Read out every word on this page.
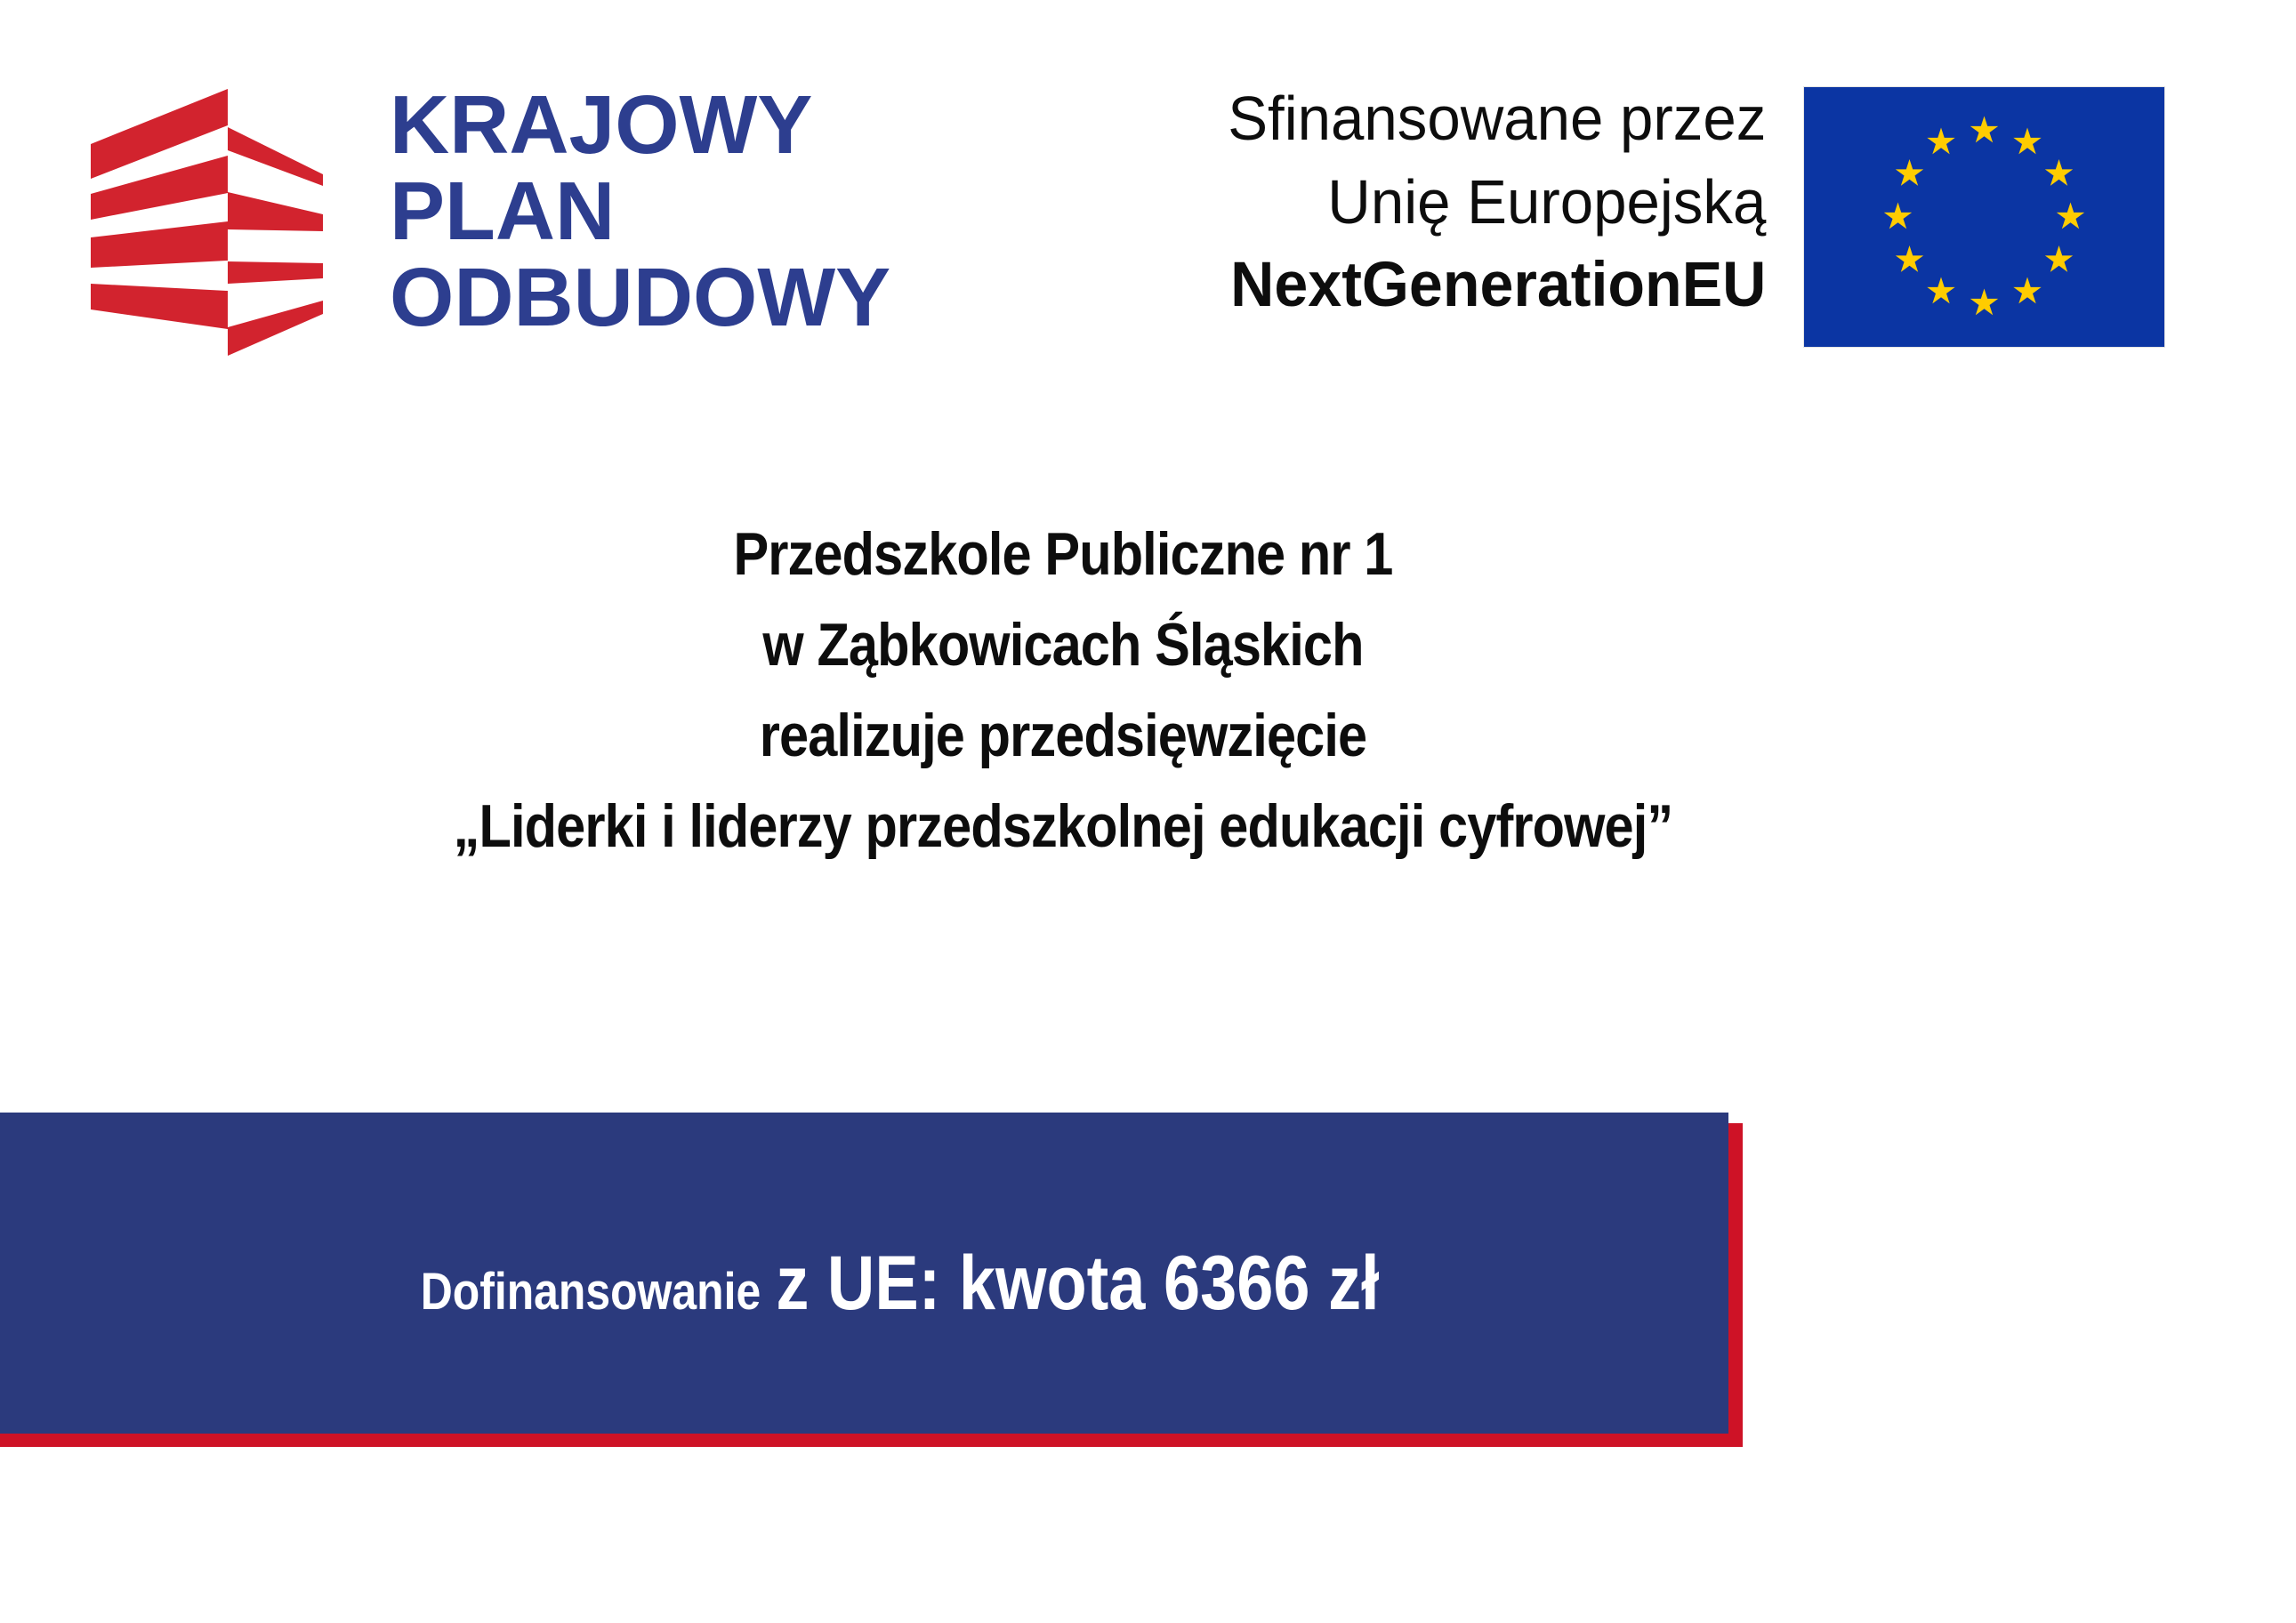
KRAJOWY
PLAN
ODBUDOWY
Sfinansowane przez
Unię Europejską
NextGenerationEU
Przedszkole Publiczne nr 1
w Ząbkowicach Śląskich
realizuje przedsięwzięcie
„Liderki i liderzy przedszkolnej edukacji cyfrowej”
Dofinansowanie z UE: kwota 6366 zł
